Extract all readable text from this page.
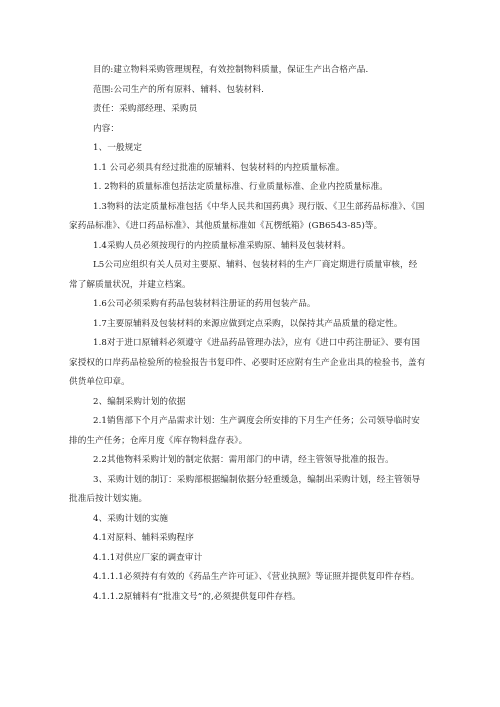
目的:建立物料采购管理规程，有效控制物料质量，保证生产出合格产品.

范围:公司生产的所有原料、辅料、包装材料.

责任：采购部经理、采购员

内容：

1、一般规定

1.1 公司必须具有经过批准的原辅料、包装材料的内控质量标准。

1. 2物料的质量标准包括法定质量标准、行业质量标准、企业内控质量标准。

1.3物料的法定质量标准包括《中华人民共和国药典》现行版、《卫生部药品标准》、《国家药品标准》、《进口药品标准》、其他质量标准如《瓦楞纸箱》(GB6543-85)等。

1.4采购人员必须按现行的内控质量标准采购原、辅料及包装材料。

L5公司应组织有关人员对主要原、辅料、包装材料的生产厂商定期进行质量审核，经常了解质量状况，并建立档案。

1.6公司必须采购有药品包装材料注册证的药用包装产品。

1.7主要原辅料及包装材料的来源应做到定点采购，以保持其产品质量的稳定性。

1.8对于进口原辅料必须遵守《进品药品管理办法》，应有《进口中药注册证》、要有国家授权的口岸药品检验所的检验报告书复印件、必要时还应附有生产企业出具的检验书，盖有供货单位印章。

2、编制采购计划的依据

2.1销售部下个月产品需求计划：生产调度会所安排的下月生产任务；公司领导临时安排的生产任务；仓库月度《库存物料盘存表》。

2.2其他物料采购计划的制定依据：需用部门的申请，经主管领导批准的报告。

3、采购计划的制订：采购部根据编制依据分轻重缓急，编制出采购计划，经主管领导批准后按计划实施。

4、采购计划的实施

4.1对原料、辅料采购程序

4.1.1对供应厂家的调查审计

4.1.1.1必须持有有效的《药品生产许可证》、《营业执照》等证照并提供复印件存档。

4.1.1.2原辅料有“批准文号”的,必须提供复印件存档。
